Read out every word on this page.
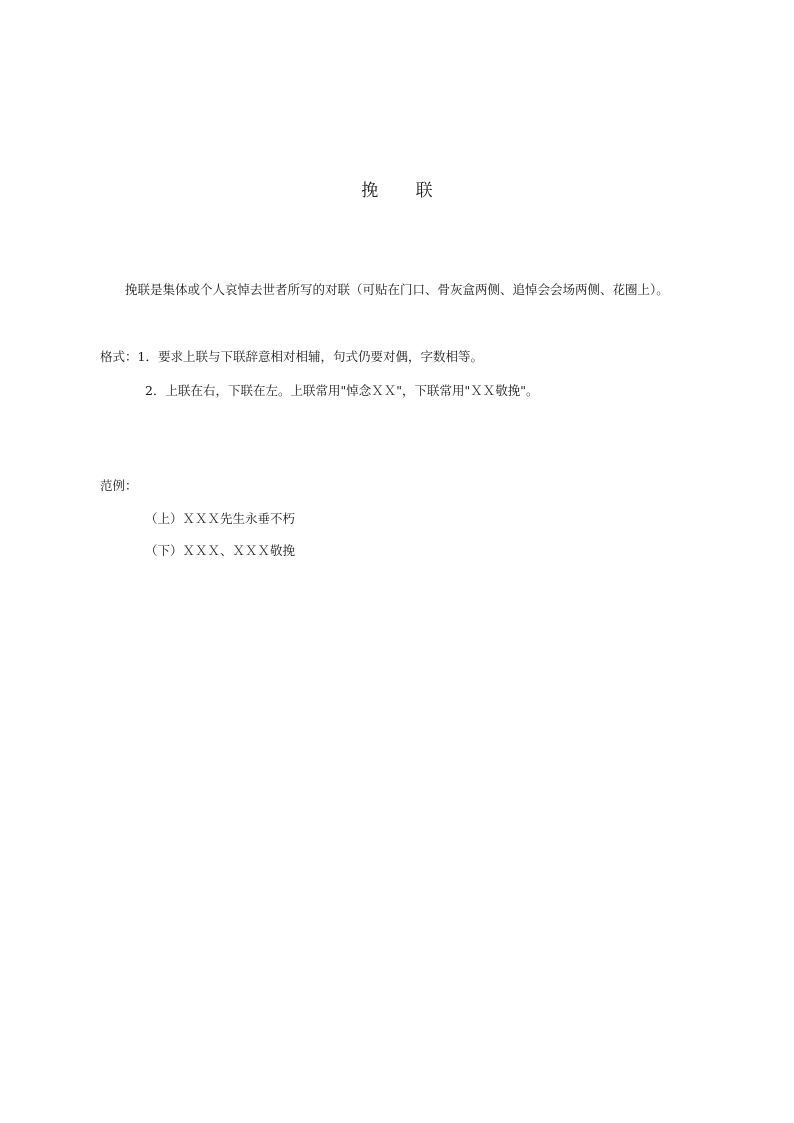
挽　联

挽联是集体或个人哀悼去世者所写的对联（可贴在门口、骨灰盒两侧、追悼会会场两侧、花圈上）。

格式：1．要求上联与下联辞意相对相辅，句式仍要对偶，字数相等。
2．上联在右，下联在左。上联常用"悼念ＸＸ"，下联常用"ＸＸ敬挽"。
范例：
（上）ＸＸＸ先生永垂不朽
（下）ＸＸＸ、ＸＸＸ敬挽
